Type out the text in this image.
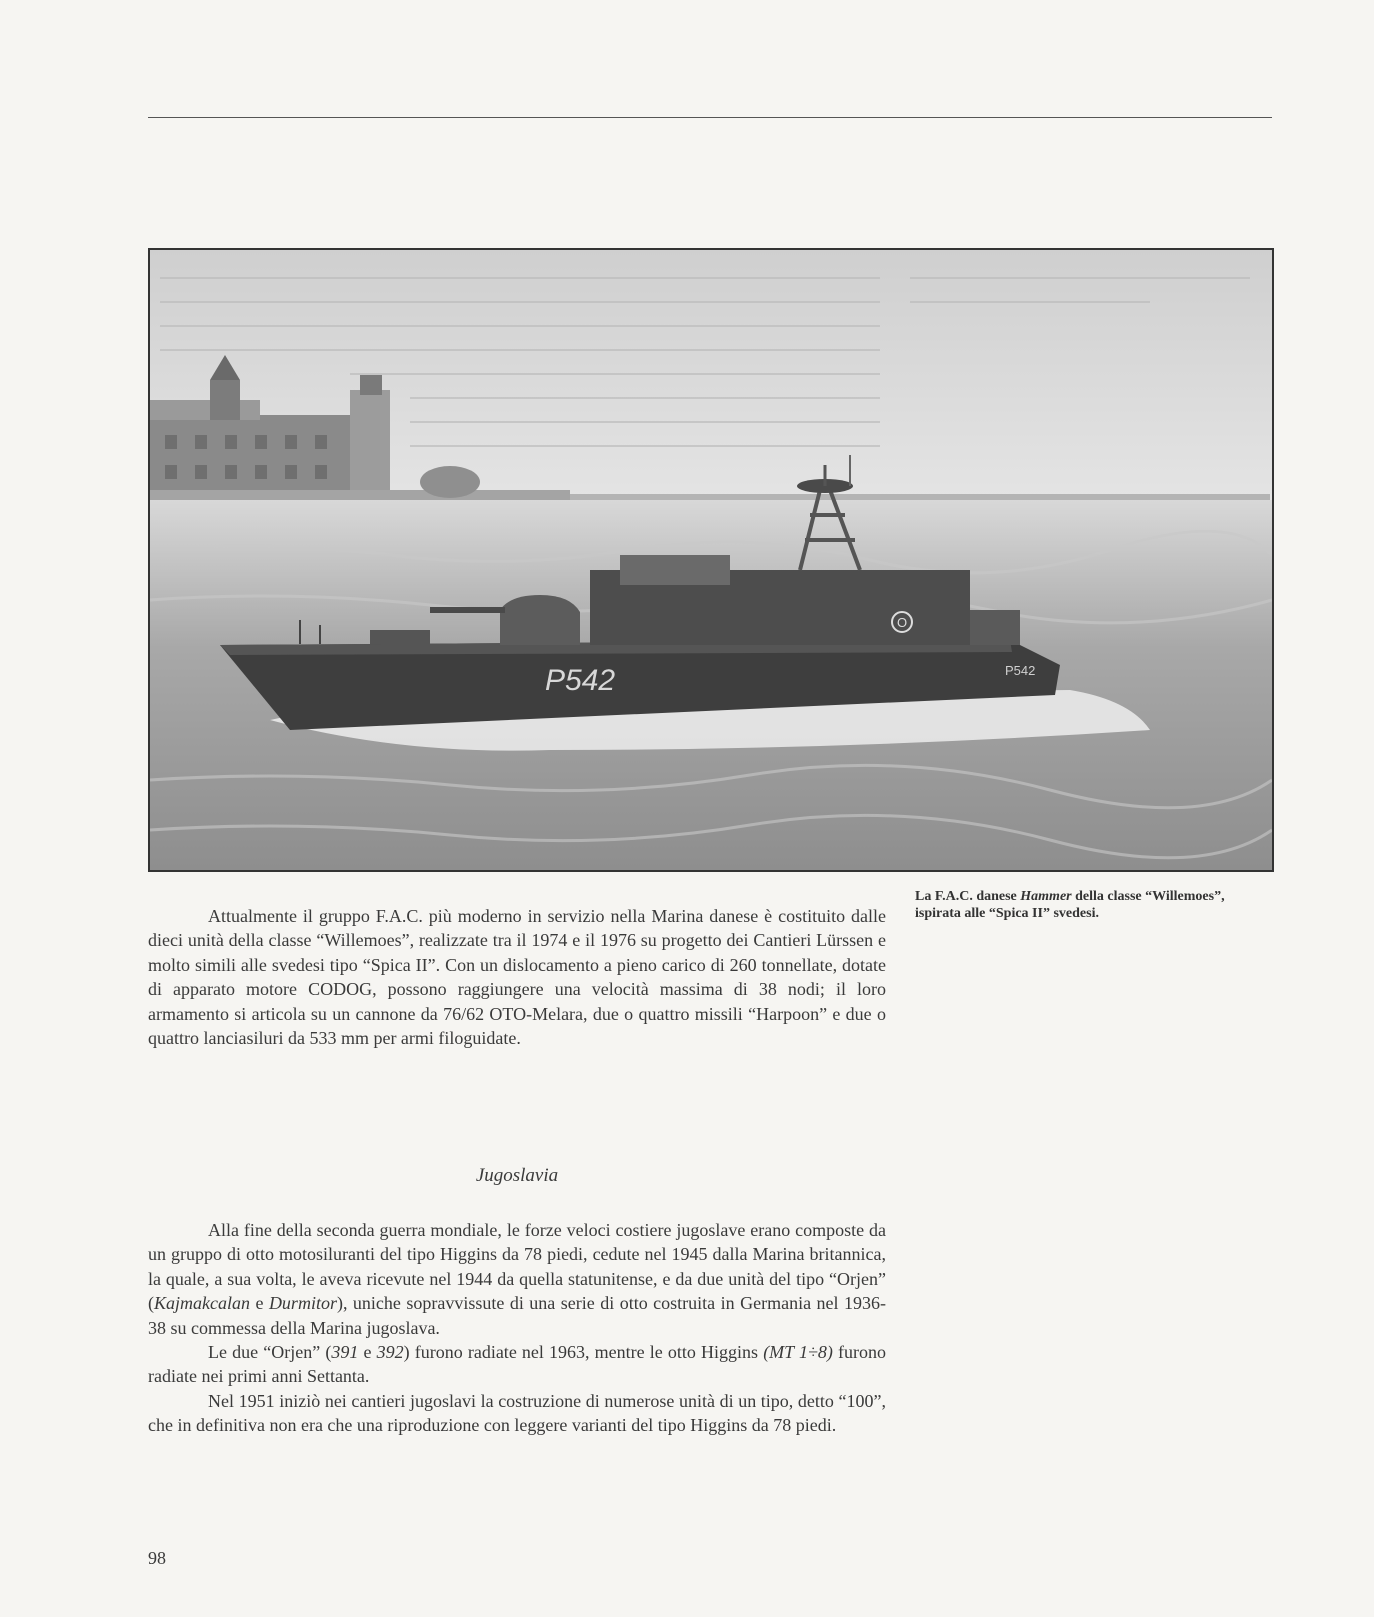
O
P542	P542
La F.A.C. danese Hammer della classe “Willemoes”, ispirata alle “Spica II” svedesi.

Attualmente il gruppo F.A.C. più moderno in servizio nella Marina danese è costituito dalle dieci unità della classe “Willemoes”, realizzate tra il 1974 e il 1976 su progetto dei Cantieri Lürssen e molto simili alle svedesi tipo “Spica II”. Con un dislocamento a pieno carico di 260 tonnellate, dotate di apparato motore CODOG, possono raggiungere una velocità massima di 38 nodi; il loro armamento si articola su un cannone da 76/62 OTO-Melara, due o quattro missili “Harpoon” e due o quattro lanciasiluri da 533 mm per armi filoguidate.

Jugoslavia

Alla fine della seconda guerra mondiale, le forze veloci costiere jugoslave erano composte da un gruppo di otto motosiluranti del tipo Higgins da 78 piedi, cedute nel 1945 dalla Marina britannica, la quale, a sua volta, le aveva ricevute nel 1944 da quella statunitense, e da due unità del tipo “Orjen” (Kajmakcalan e Durmitor), uniche sopravvissute di una serie di otto costruita in Germania nel 1936-38 su commessa della Marina jugoslava.

Le due “Orjen” (391 e 392) furono radiate nel 1963, mentre le otto Higgins (MT 1÷8) furono radiate nei primi anni Settanta.

Nel 1951 iniziò nei cantieri jugoslavi la costruzione di numerose unità di un tipo, detto “100”, che in definitiva non era che una riproduzione con leggere varianti del tipo Higgins da 78 piedi.

98
